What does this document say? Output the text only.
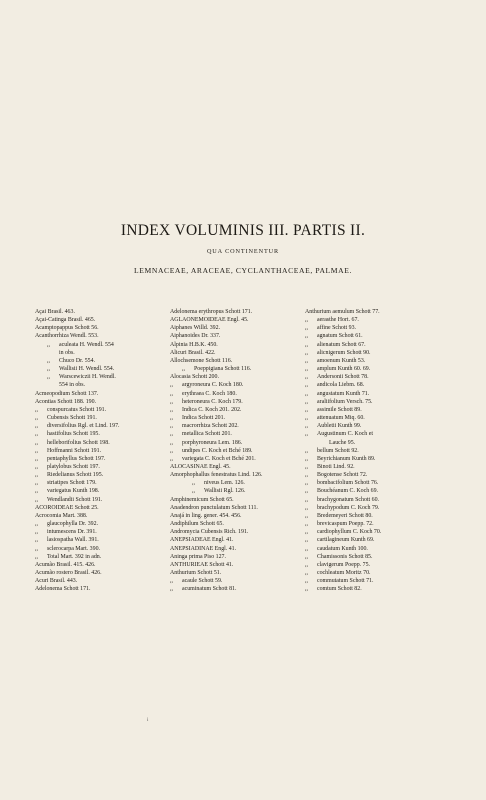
INDEX VOLUMINIS III. PARTIS II.
QUA CONTINENTUR
LEMNACEAE, ARACEAE, CYCLANTHACEAE, PALMAE.
Açai Brasil. 463.
Açai-Catinga Brasil. 465.
Acamptopappus Schott 56.
Acanthorrhiza Wendl. 553.
,, aculeata H. Wendl. 554
in obs.
,, Chuco Dr. 554.
,, Wallisii H. Wendl. 554.
,, Warscewiczii H. Wendl.
554 in obs.
Acmeopodium Schott 137.
Acontias Schott 188. 190.
,, conspurcatus Schott 191.
,, Cubensis Schott 191.
,, diversifolius Rgl. et Lind. 197.
,, hastifolius Schott 195.
,, helleborifolius Schott 198.
,, Hoffmanni Schott 191.
,, pentaphyllus Schott 197.
,, platylobus Schott 197.
,, Riedelianus Schott 195.
,, striatipes Schott 179.
,, variegatus Kunth 198.
,, Wendlandii Schott 191.
ACOROIDEAE Schott 25.
Acrocomia Mart. 388.
,, glaucophylla Dr. 392.
,, intumescens Dr. 391.
,, lasiospatha Wall. 391.
,, sclerocarpa Mart. 390.
,, Total Mart. 392 in adn.
Acumão Brasil. 415. 426.
Acumão rostero Brasil. 426.
Acuri Brasil. 443.
Adelonema Schott 171.
Adelonema erythropus Schott 171.
AGLAONEMOIDEAE Engl. 45.
Aiphanes Willd. 392.
Aiphanoides Dr. 337.
Alpinia H.B.K. 450.
Alicuri Brasil. 422.
Allochsemone Schott 116.
,, Poeppigiana Schott 116.
Alocasia Schott 200.
,, argyroneura C. Koch 180.
,, erythraea C. Koch 180.
,, heteroneura C. Koch 179.
,, Indica C. Koch 201. 202.
,, Indica Schott 201.
,, macrorrhiza Schott 202.
,, metallica Schott 201.
,, porphyroneura Lem. 186.
,, undipes C. Koch et Bché 189.
,, variegata C. Koch et Bché 201.
ALOCASINAE Engl. 45.
Amorphophallus fenestratus Lind. 126.
,, niveus Lem. 126.
,, Wallisii Rgl. 126.
Amphinemicum Schott 65.
Anadendron punctulatum Schott 111.
Anajá in ling. gener. 454. 456.
Andiphilum Schott 65.
Andromycia Cubensis Rich. 191.
ANEPSIADEAE Engl. 41.
ANEPSIADINAE Engl. 41.
Aninga prima Piso 127.
ANTHURIEAE Schott 41.
Anthurium Schott 51.
,, acaule Schott 59.
,, acuminatum Schott 81.
Anthurium aemulum Schott 77.
,, aerasthe Hort. 67.
,, affine Schott 93.
,, agnatum Schott 61.
,, alienatum Schott 67.
,, alicnigerum Schott 90.
,, amoenum Kunth 53.
,, amplum Kunth 60. 69.
,, Andersonii Schott 78.
,, andicola Liebm. 68.
,, angustatum Kunth 71.
,, araliifolium Versch. 75.
,, assimile Schott 89.
,, attenuatum Miq. 60.
,, Aubletii Kunth 99.
,, Augustinum C. Koch et
Lauche 95.
,, bellum Schott 92.
,, Beyrichianum Kunth 89.
,, Binoti Lind. 92.
,, Bogotense Schott 72.
,, bombacifolium Schott 76.
,, Bouchéanum C. Koch 69.
,, brachygonatum Schott 60.
,, brachypodum C. Koch 79.
,, Bredemeyeri Schott 80.
,, brevicaspum Poepp. 72.
,, cardiophyllum C. Koch 70.
,, cartilagineum Kunth 69.
,, caudatum Kunth 100.
,, Chamissonis Schott 85.
,, clavigerum Poepp. 75.
,, cochleatum Moritz 70.
,, commutatum Schott 71.
,, comtum Schott 82.
i
